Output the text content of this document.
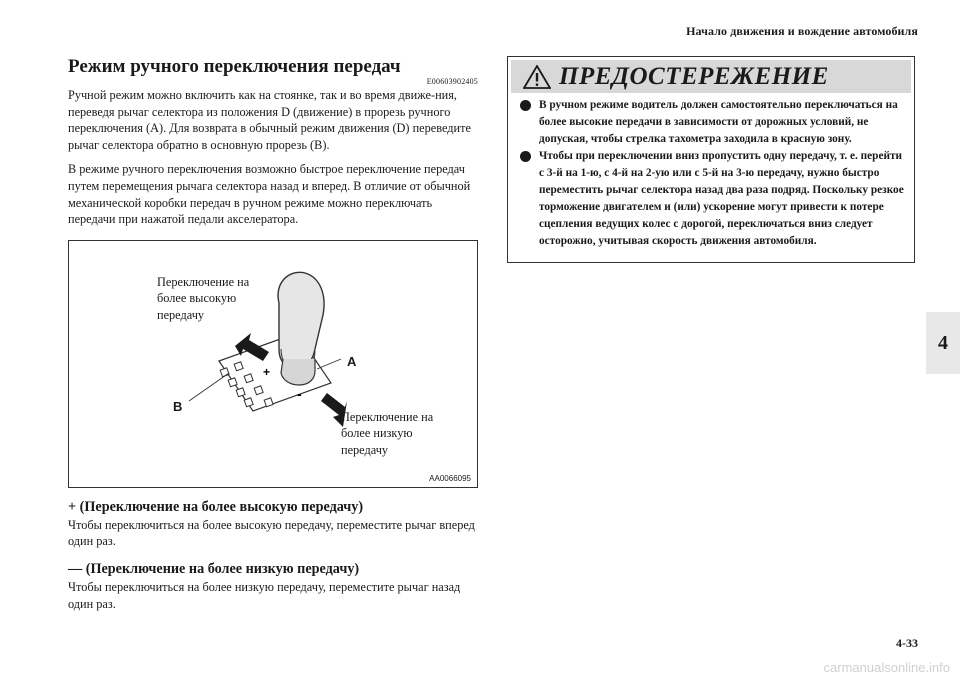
Начало движения и вождение автомобиля
4
Режим ручного переключения передач
E00603902405

Ручной режим можно включить как на стоянке, так и во время движе-ния, переведя рычаг селектора из положения D (движение) в прорезь ручного переключения (A). Для возврата в обычный режим движения (D) переведите рычаг селектора обратно в основную прорезь (B).

В режиме ручного переключения возможно быстрое переключение передач путем перемещения рычага селектора назад и вперед. В отличие от обычной механической коробки передач в ручном режиме можно переключать передачи при нажатой педали акселератора.

+
-
Переключение на более высокую передачу
Переключение на более низкую передачу
A
B
AA0066095
+ (Переключение на более высокую передачу)

Чтобы переключиться на более высокую передачу, переместите рычаг вперед один раз.

— (Переключение на более низкую передачу)

Чтобы переключиться на более низкую передачу, переместите рычаг назад один раз.

ПРЕДОСТЕРЕЖЕНИЕ
В ручном режиме водитель должен самостоятельно переключаться на более высокие передачи в зависимости от дорожных условий, не допуская, чтобы стрелка тахометра заходила в красную зону.
Чтобы при переключении вниз пропустить одну передачу, т. е. перейти с 3-й на 1-ю, с 4-й на 2-ую или с 5-й на 3-ю передачу, нужно быстро переместить рычаг селектора назад два раза подряд. Поскольку резкое торможение двигателем и (или) ускорение могут привести к потере сцепления ведущих колес с дорогой, переключаться вниз следует осторожно, учитывая скорость движения автомобиля.
4-33
carmanualsonline.info
